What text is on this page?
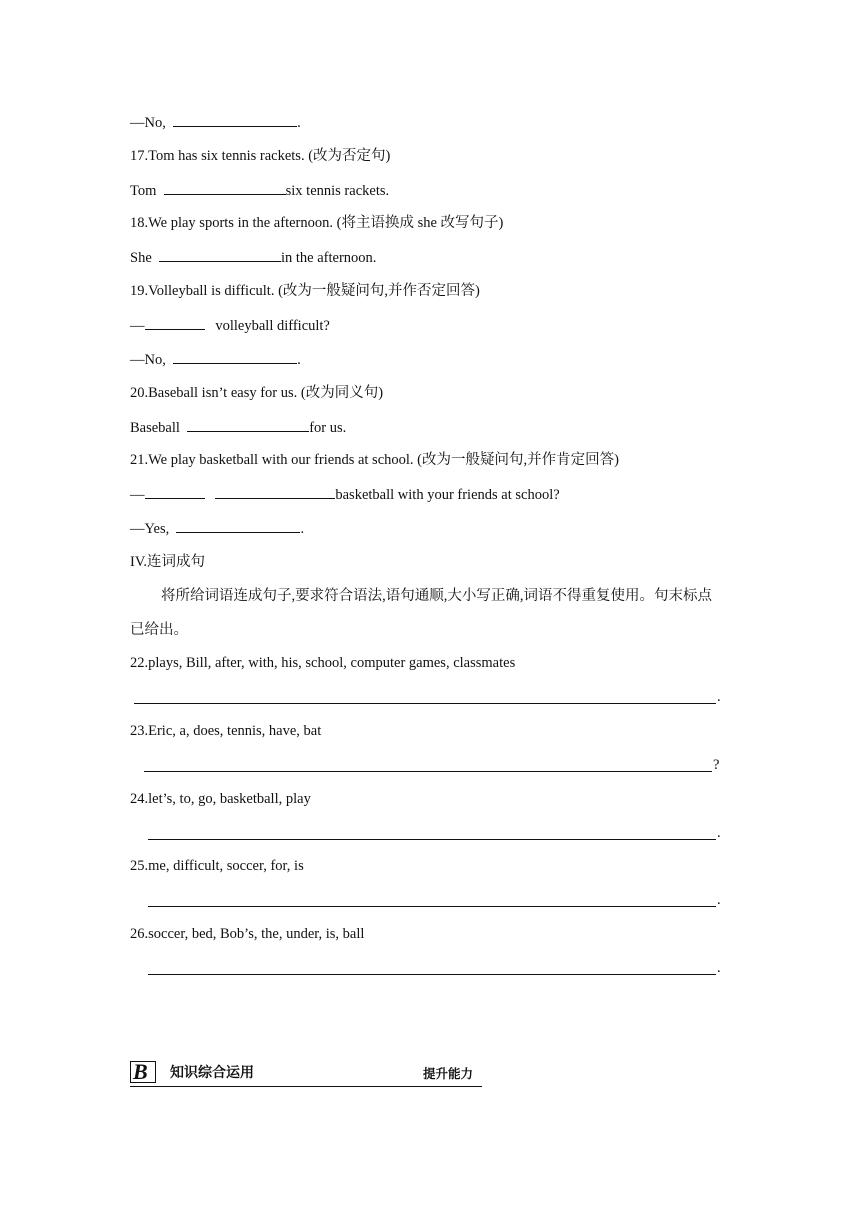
—No,	.
17.Tom has six tennis rackets. (改为否定句)
Tom	six tennis rackets.
18.We play sports in the afternoon. (将主语换成 she 改写句子)
She	in the afternoon.
19.Volleyball is difficult. (改为一般疑问句,并作否定回答)
—	volleyball difficult?
—No,	.
20.Baseball isn’t easy for us. (改为同义句)
Baseball	for us.
21.We play basketball with our friends at school. (改为一般疑问句,并作肯定回答)
—	basketball with your friends at school?
—Yes,	.
IV.连词成句
将所给词语连成句子,要求符合语法,语句通顺,大小写正确,词语不得重复使用。句末标点
已给出。
22.plays, Bill, after, with, his, school, computer games, classmates
.
23.Eric, a, does, tennis, have, bat
?
24.let’s, to, go, basketball, play
.
25.me, difficult, soccer, for, is
.
26.soccer, bed, Bob’s, the, under, is, ball
.
B 知识综合运用	提升能力
